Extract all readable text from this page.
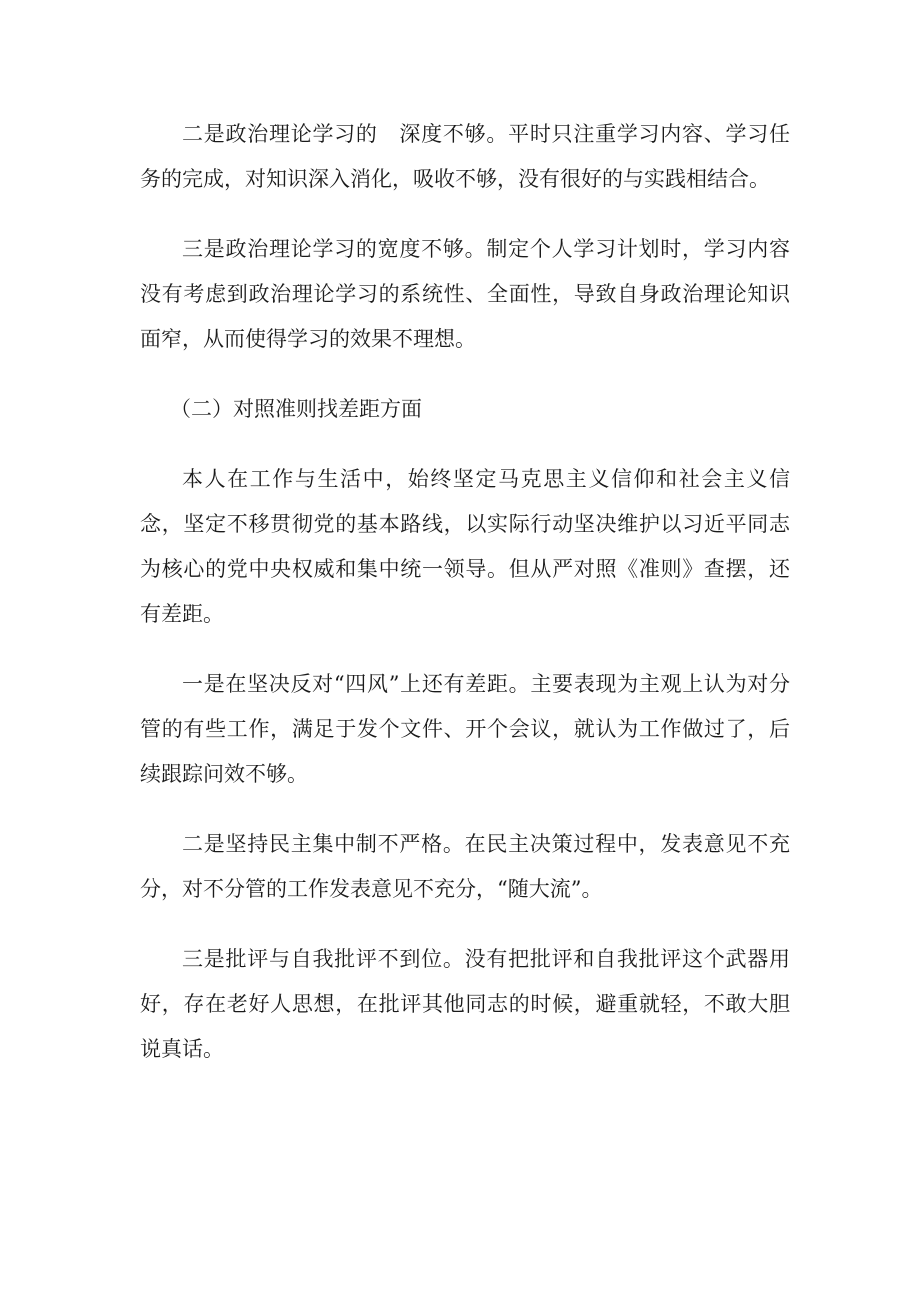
二是政治理论学习的　深度不够。平时只注重学习内容、学习任务的完成，对知识深入消化，吸收不够，没有很好的与实践相结合。

三是政治理论学习的宽度不够。制定个人学习计划时，学习内容没有考虑到政治理论学习的系统性、全面性，导致自身政治理论知识面窄，从而使得学习的效果不理想。

（二）对照准则找差距方面

本人在工作与生活中，始终坚定马克思主义信仰和社会主义信念，坚定不移贯彻党的基本路线，以实际行动坚决维护以习近平同志为核心的党中央权威和集中统一领导。但从严对照《准则》查摆，还有差距。

一是在坚决反对“四风”上还有差距。主要表现为主观上认为对分管的有些工作，满足于发个文件、开个会议，就认为工作做过了，后续跟踪问效不够。

二是坚持民主集中制不严格。在民主决策过程中，发表意见不充分，对不分管的工作发表意见不充分，“随大流”。

三是批评与自我批评不到位。没有把批评和自我批评这个武器用好，存在老好人思想，在批评其他同志的时候，避重就轻，不敢大胆说真话。
